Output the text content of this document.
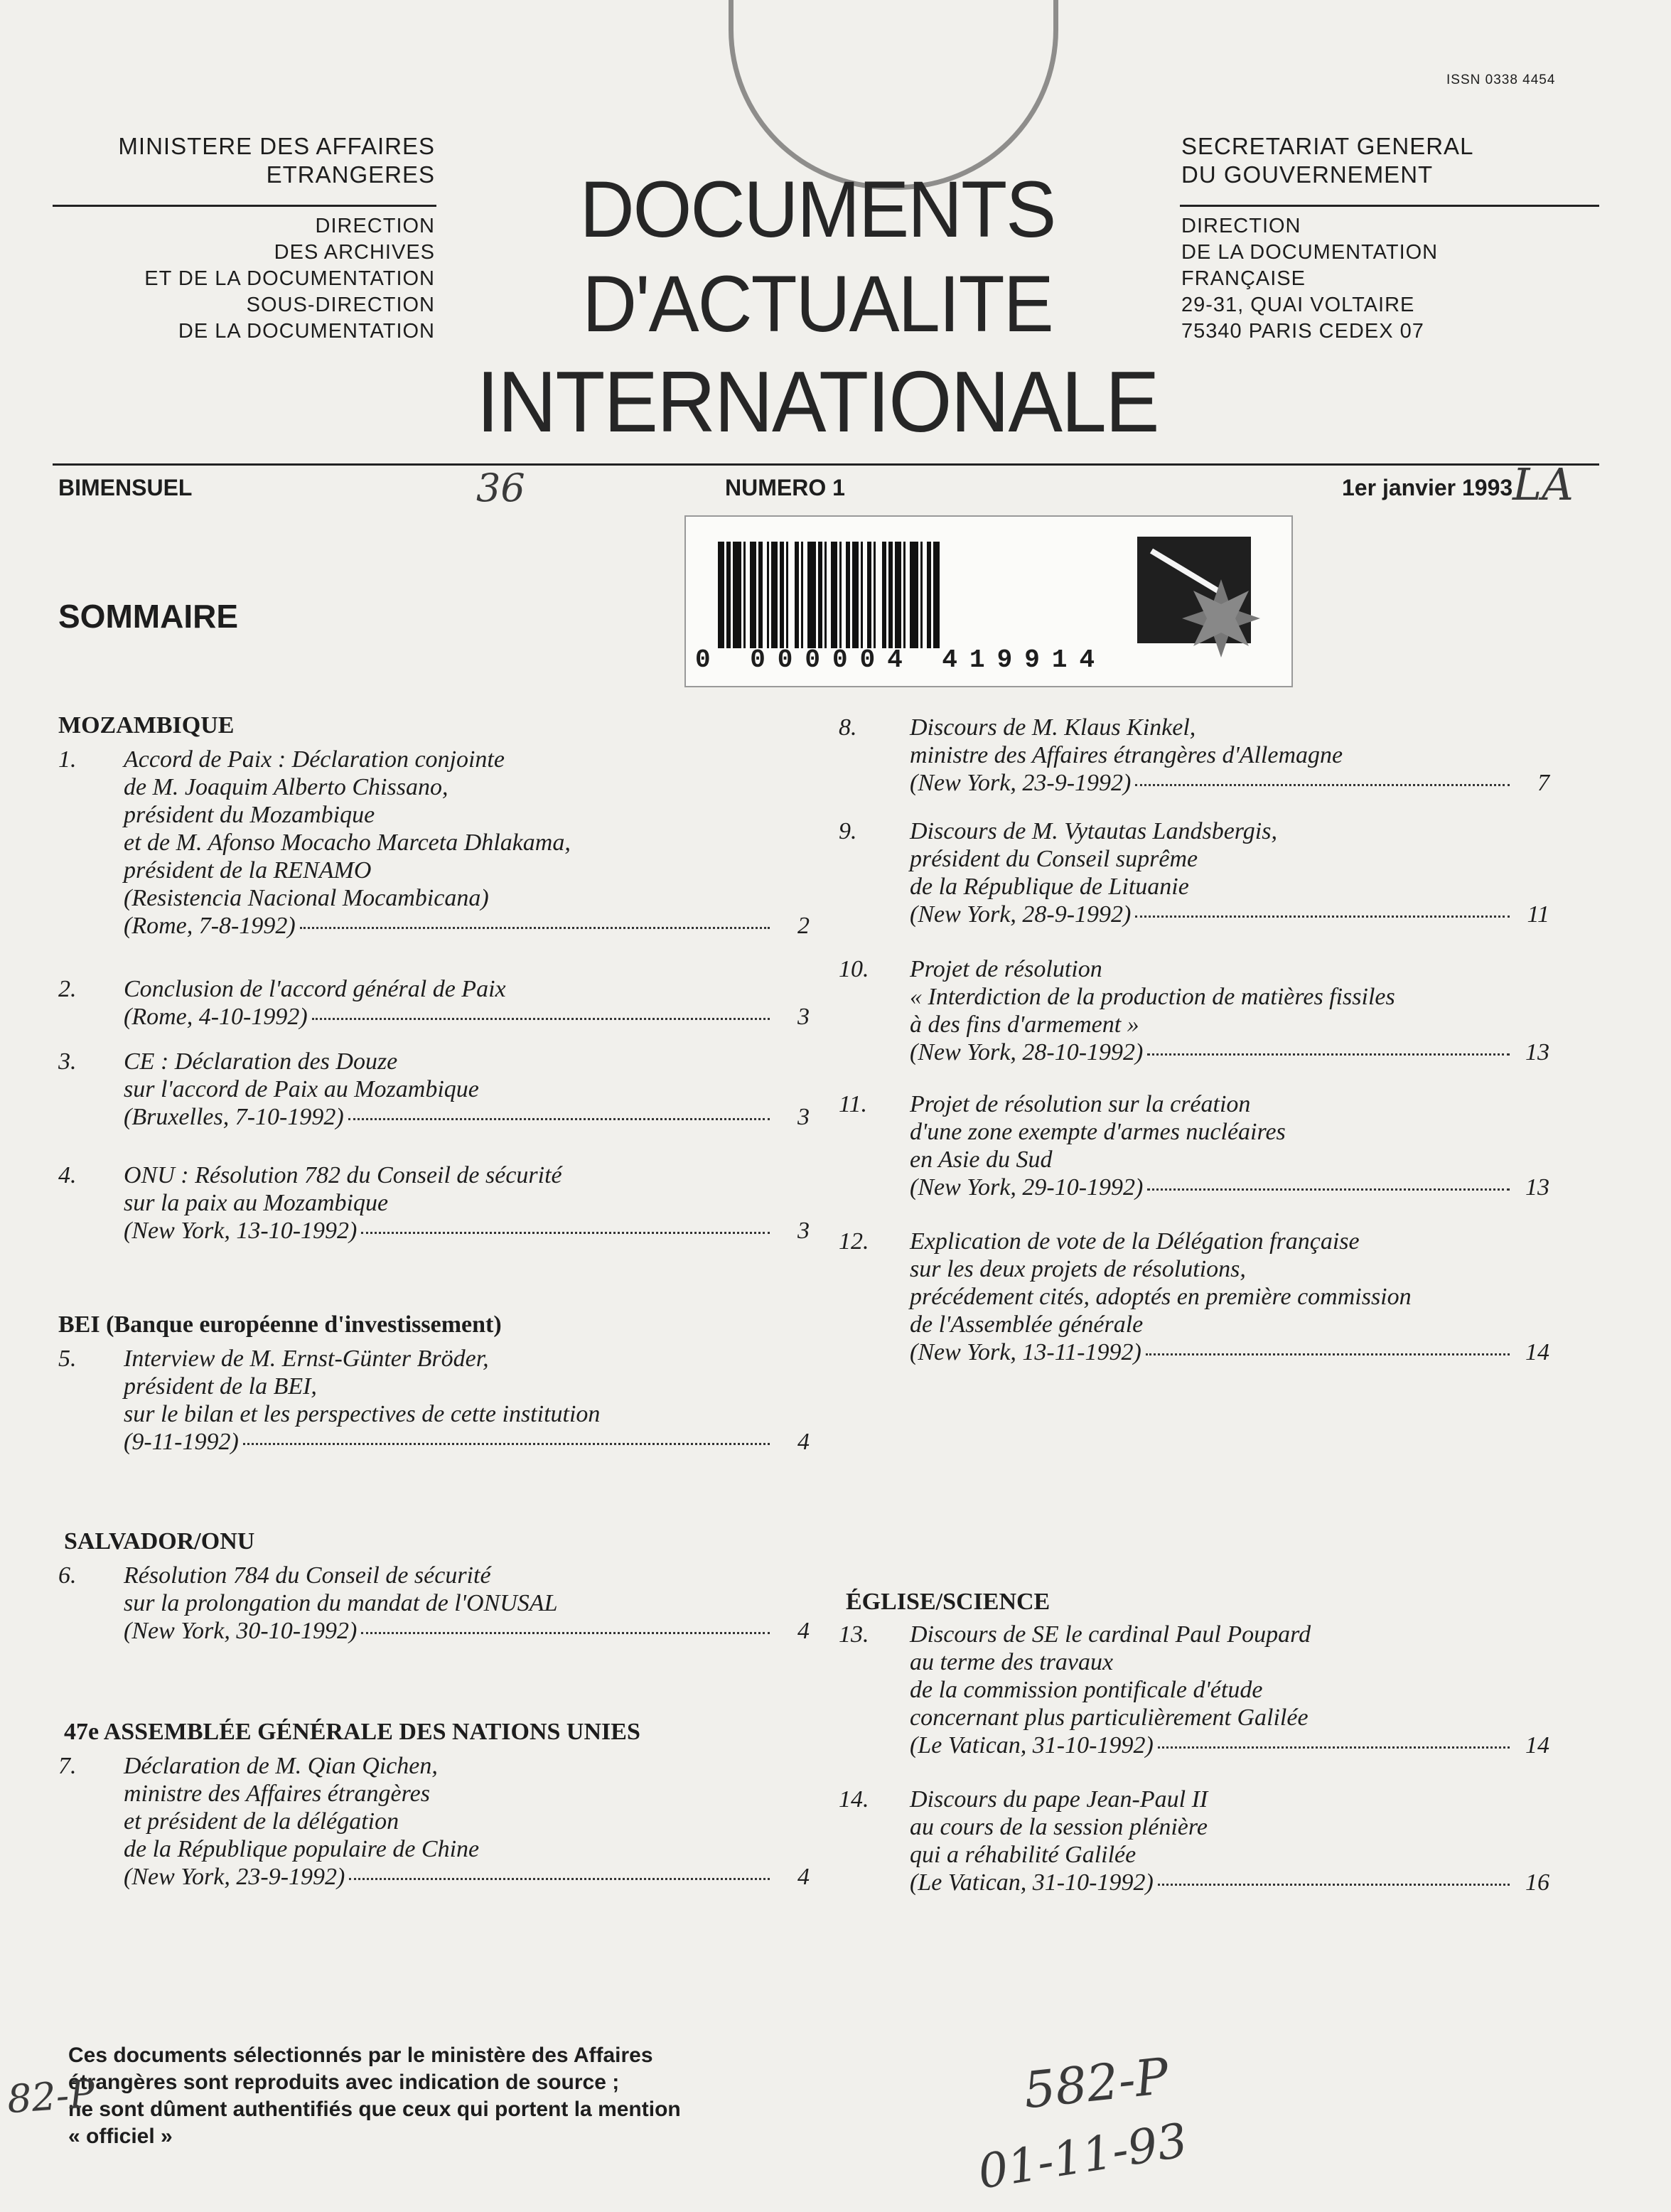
ISSN 0338 4454
MINISTERE DES AFFAIRES
ETRANGERES
DIRECTION
DES ARCHIVES
ET DE LA DOCUMENTATION
SOUS-DIRECTION
DE LA DOCUMENTATION
SECRETARIAT GENERAL
DU GOUVERNEMENT
DIRECTION
DE LA DOCUMENTATION
FRANÇAISE
29-31, QUAI VOLTAIRE
75340 PARIS CEDEX 07
DOCUMENTS
D'ACTUALITE
INTERNATIONALE
BIMENSUEL	36	NUMERO 1	1er janvier 1993 LA
0 000004 419914
SOMMAIRE
MOZAMBIQUE
1. Accord de Paix : Déclaration conjointe
de M. Joaquim Alberto Chissano,
président du Mozambique
et de M. Afonso Mocacho Marceta Dhlakama,
président de la RENAMO
(Resistencia Nacional Mocambicana)
(Rome, 7-8-1992)	2
2. Conclusion de l'accord général de Paix
(Rome, 4-10-1992)	3
3. CE : Déclaration des Douze
sur l'accord de Paix au Mozambique
(Bruxelles, 7-10-1992)	3
4. ONU : Résolution 782 du Conseil de sécurité
sur la paix au Mozambique
(New York, 13-10-1992)	3
BEI (Banque européenne d'investissement)
5. Interview de M. Ernst-Günter Bröder,
président de la BEI,
sur le bilan et les perspectives de cette institution
(9-11-1992)	4
SALVADOR/ONU
6. Résolution 784 du Conseil de sécurité
sur la prolongation du mandat de l'ONUSAL
(New York, 30-10-1992)	4
47e ASSEMBLÉE GÉNÉRALE DES NATIONS UNIES
7. Déclaration de M. Qian Qichen,
ministre des Affaires étrangères
et président de la délégation
de la République populaire de Chine
(New York, 23-9-1992)	4
8. Discours de M. Klaus Kinkel,
ministre des Affaires étrangères d'Allemagne
(New York, 23-9-1992)	7
9. Discours de M. Vytautas Landsbergis,
président du Conseil suprême
de la République de Lituanie
(New York, 28-9-1992)	11
10. Projet de résolution
« Interdiction de la production de matières fissiles
à des fins d'armement »
(New York, 28-10-1992)	13
11. Projet de résolution sur la création
d'une zone exempte d'armes nucléaires
en Asie du Sud
(New York, 29-10-1992)	13
12. Explication de vote de la Délégation française
sur les deux projets de résolutions,
précédement cités, adoptés en première commission
de l'Assemblée générale
(New York, 13-11-1992)	14
ÉGLISE/SCIENCE
13. Discours de SE le cardinal Paul Poupard
au terme des travaux
de la commission pontificale d'étude
concernant plus particulièrement Galilée
(Le Vatican, 31-10-1992)	14
14. Discours du pape Jean-Paul II
au cours de la session plénière
qui a réhabilité Galilée
(Le Vatican, 31-10-1992)	16
Ces documents sélectionnés par le ministère des Affaires
étrangères sont reproduits avec indication de source ;
ne sont dûment authentifiés que ceux qui portent la mention
« officiel »
82-P	582-P
01-11-93
